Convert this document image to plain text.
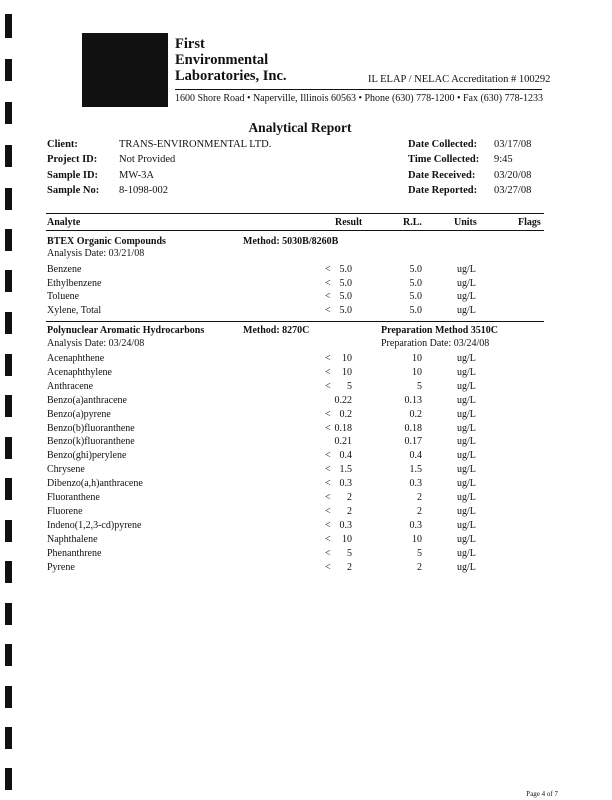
First
Environmental
Laboratories, Inc.	IL ELAP / NELAC Accreditation # 100292
1600 Shore Road • Naperville, Illinois 60563 • Phone (630) 778-1200 • Fax (630) 778-1233
Analytical Report
Client:	TRANS-ENVIRONMENTAL LTD.
Project ID: Not Provided
Sample ID: MW-3A
Sample No: 8-1098-002
Date Collected: 03/17/08
Time Collected: 9:45
Date Received: 03/20/08
Date Reported: 03/27/08
Analyte	Result	R.L.	Units	Flags
BTEX Organic Compounds	Method: 5030B/8260B
Analysis Date: 03/21/08
Benzene	< 5.0	5.0	ug/L
Ethylbenzene	< 5.0	5.0	ug/L
Toluene	< 5.0	5.0	ug/L
Xylene, Total	< 5.0	5.0	ug/L
Polynuclear Aromatic Hydrocarbons	Method: 8270C	Preparation Method 3510C
Analysis Date: 03/24/08	Preparation Date: 03/24/08
Acenaphthene	< 10	10	ug/L
Acenaphthylene	< 10	10	ug/L
Anthracene	< 5	5	ug/L
Benzo(a)anthracene	0.22	0.13	ug/L
Benzo(a)pyrene	< 0.2	0.2	ug/L
Benzo(b)fluoranthene	< 0.18	0.18	ug/L
Benzo(k)fluoranthene	0.21	0.17	ug/L
Benzo(ghi)perylene	< 0.4	0.4	ug/L
Chrysene	< 1.5	1.5	ug/L
Dibenzo(a,h)anthracene	< 0.3	0.3	ug/L
Fluoranthene	< 2	2	ug/L
Fluorene	< 2	2	ug/L
Indeno(1,2,3-cd)pyrene	< 0.3	0.3	ug/L
Naphthalene	< 10	10	ug/L
Phenanthrene	< 5	5	ug/L
Pyrene	< 2	2	ug/L
Page 4 of 7
